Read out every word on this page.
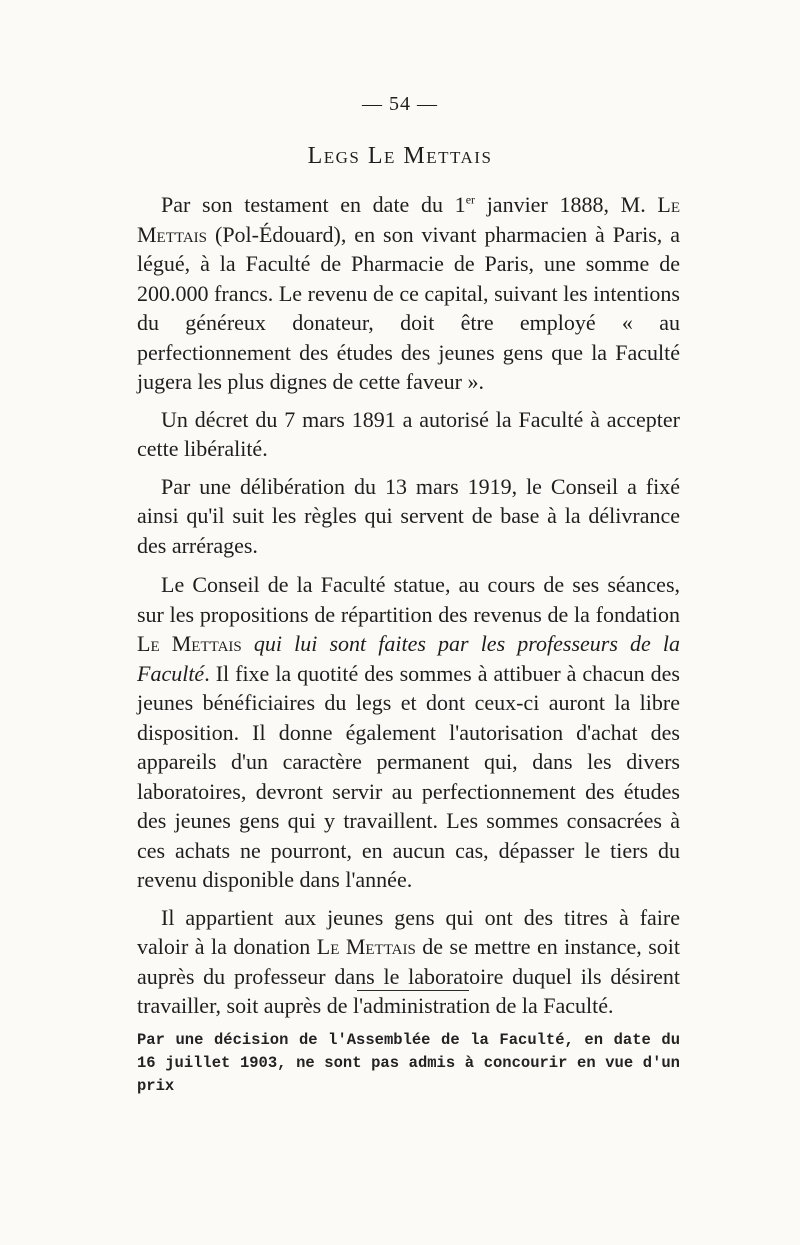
— 54 —
Legs Le Mettais

Par son testament en date du 1er janvier 1888, M. Le Mettais (Pol-Édouard), en son vivant pharmacien à Paris, a légué, à la Faculté de Pharmacie de Paris, une somme de 200.000 francs. Le revenu de ce capital, suivant les intentions du généreux donateur, doit être employé « au perfectionnement des études des jeunes gens que la Faculté jugera les plus dignes de cette faveur ».

Un décret du 7 mars 1891 a autorisé la Faculté à accepter cette libéralité.

Par une délibération du 13 mars 1919, le Conseil a fixé ainsi qu'il suit les règles qui servent de base à la délivrance des arrérages.

Le Conseil de la Faculté statue, au cours de ses séances, sur les propositions de répartition des revenus de la fondation Le Mettais qui lui sont faites par les professeurs de la Faculté. Il fixe la quotité des sommes à attibuer à chacun des jeunes bénéficiaires du legs et dont ceux-ci auront la libre disposition. Il donne également l'autorisation d'achat des appareils d'un caractère permanent qui, dans les divers laboratoires, devront servir au perfectionnement des études des jeunes gens qui y travaillent. Les sommes consacrées à ces achats ne pourront, en aucun cas, dépasser le tiers du revenu disponible dans l'année.

Il appartient aux jeunes gens qui ont des titres à faire valoir à la donation Le Mettais de se mettre en instance, soit auprès du professeur dans le laboratoire duquel ils désirent travailler, soit auprès de l'administration de la Faculté.

Par une décision de l'Assemblée de la Faculté, en date du
16 juillet 1903, ne sont pas admis à concourir en vue d'un prix
